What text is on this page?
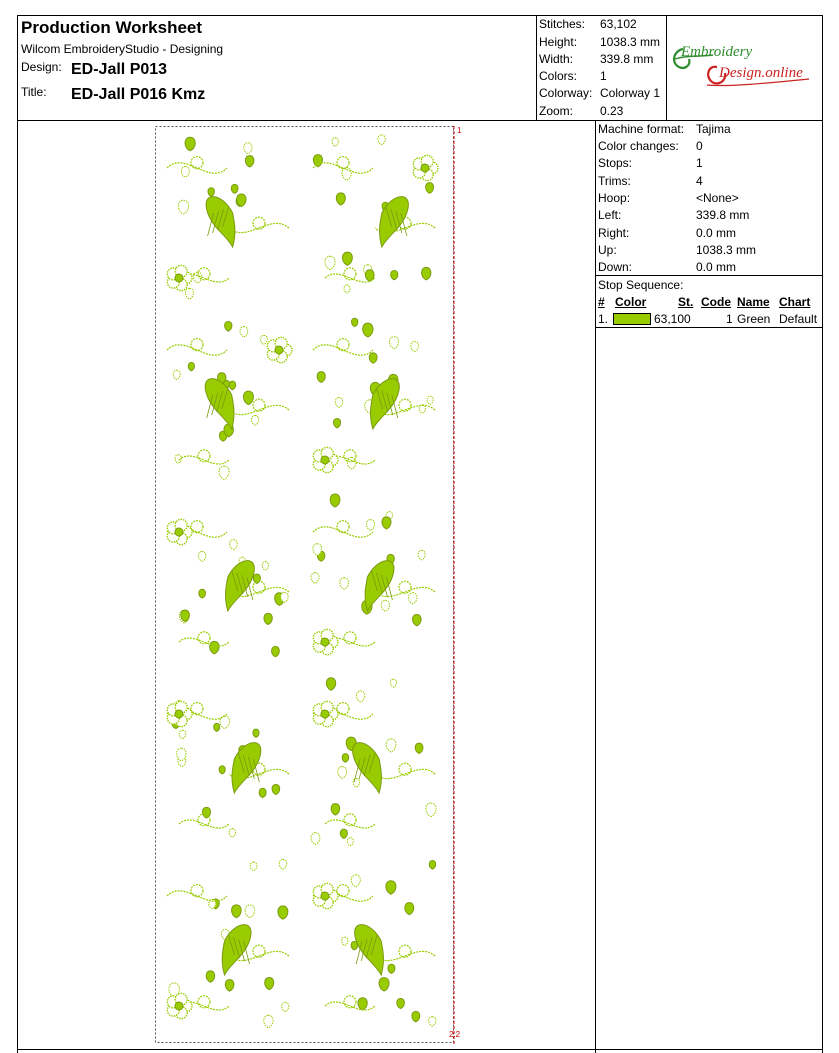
Production Worksheet
Wilcom EmbroideryStudio - Designing
Design: ED-Jall P013
Title: ED-Jall P016 Kmz
Stitches: 63,102
Height: 1038.3 mm
Width: 339.8 mm
Colors: 1
Colorway: Colorway 1
Zoom: 0.23
Embroidery
Design.online
Machine format: Tajima
Color changes: 0
Stops:	1
Trims:	4
Hoop:	<None>
Left:	339.8 mm
Right:	0.0 mm
Up:	1038.3 mm
Down:	0.0 mm
Stop Sequence:
# Color	St. Code Name Chart
1.	63,100	1 Green Default
1
2.2
